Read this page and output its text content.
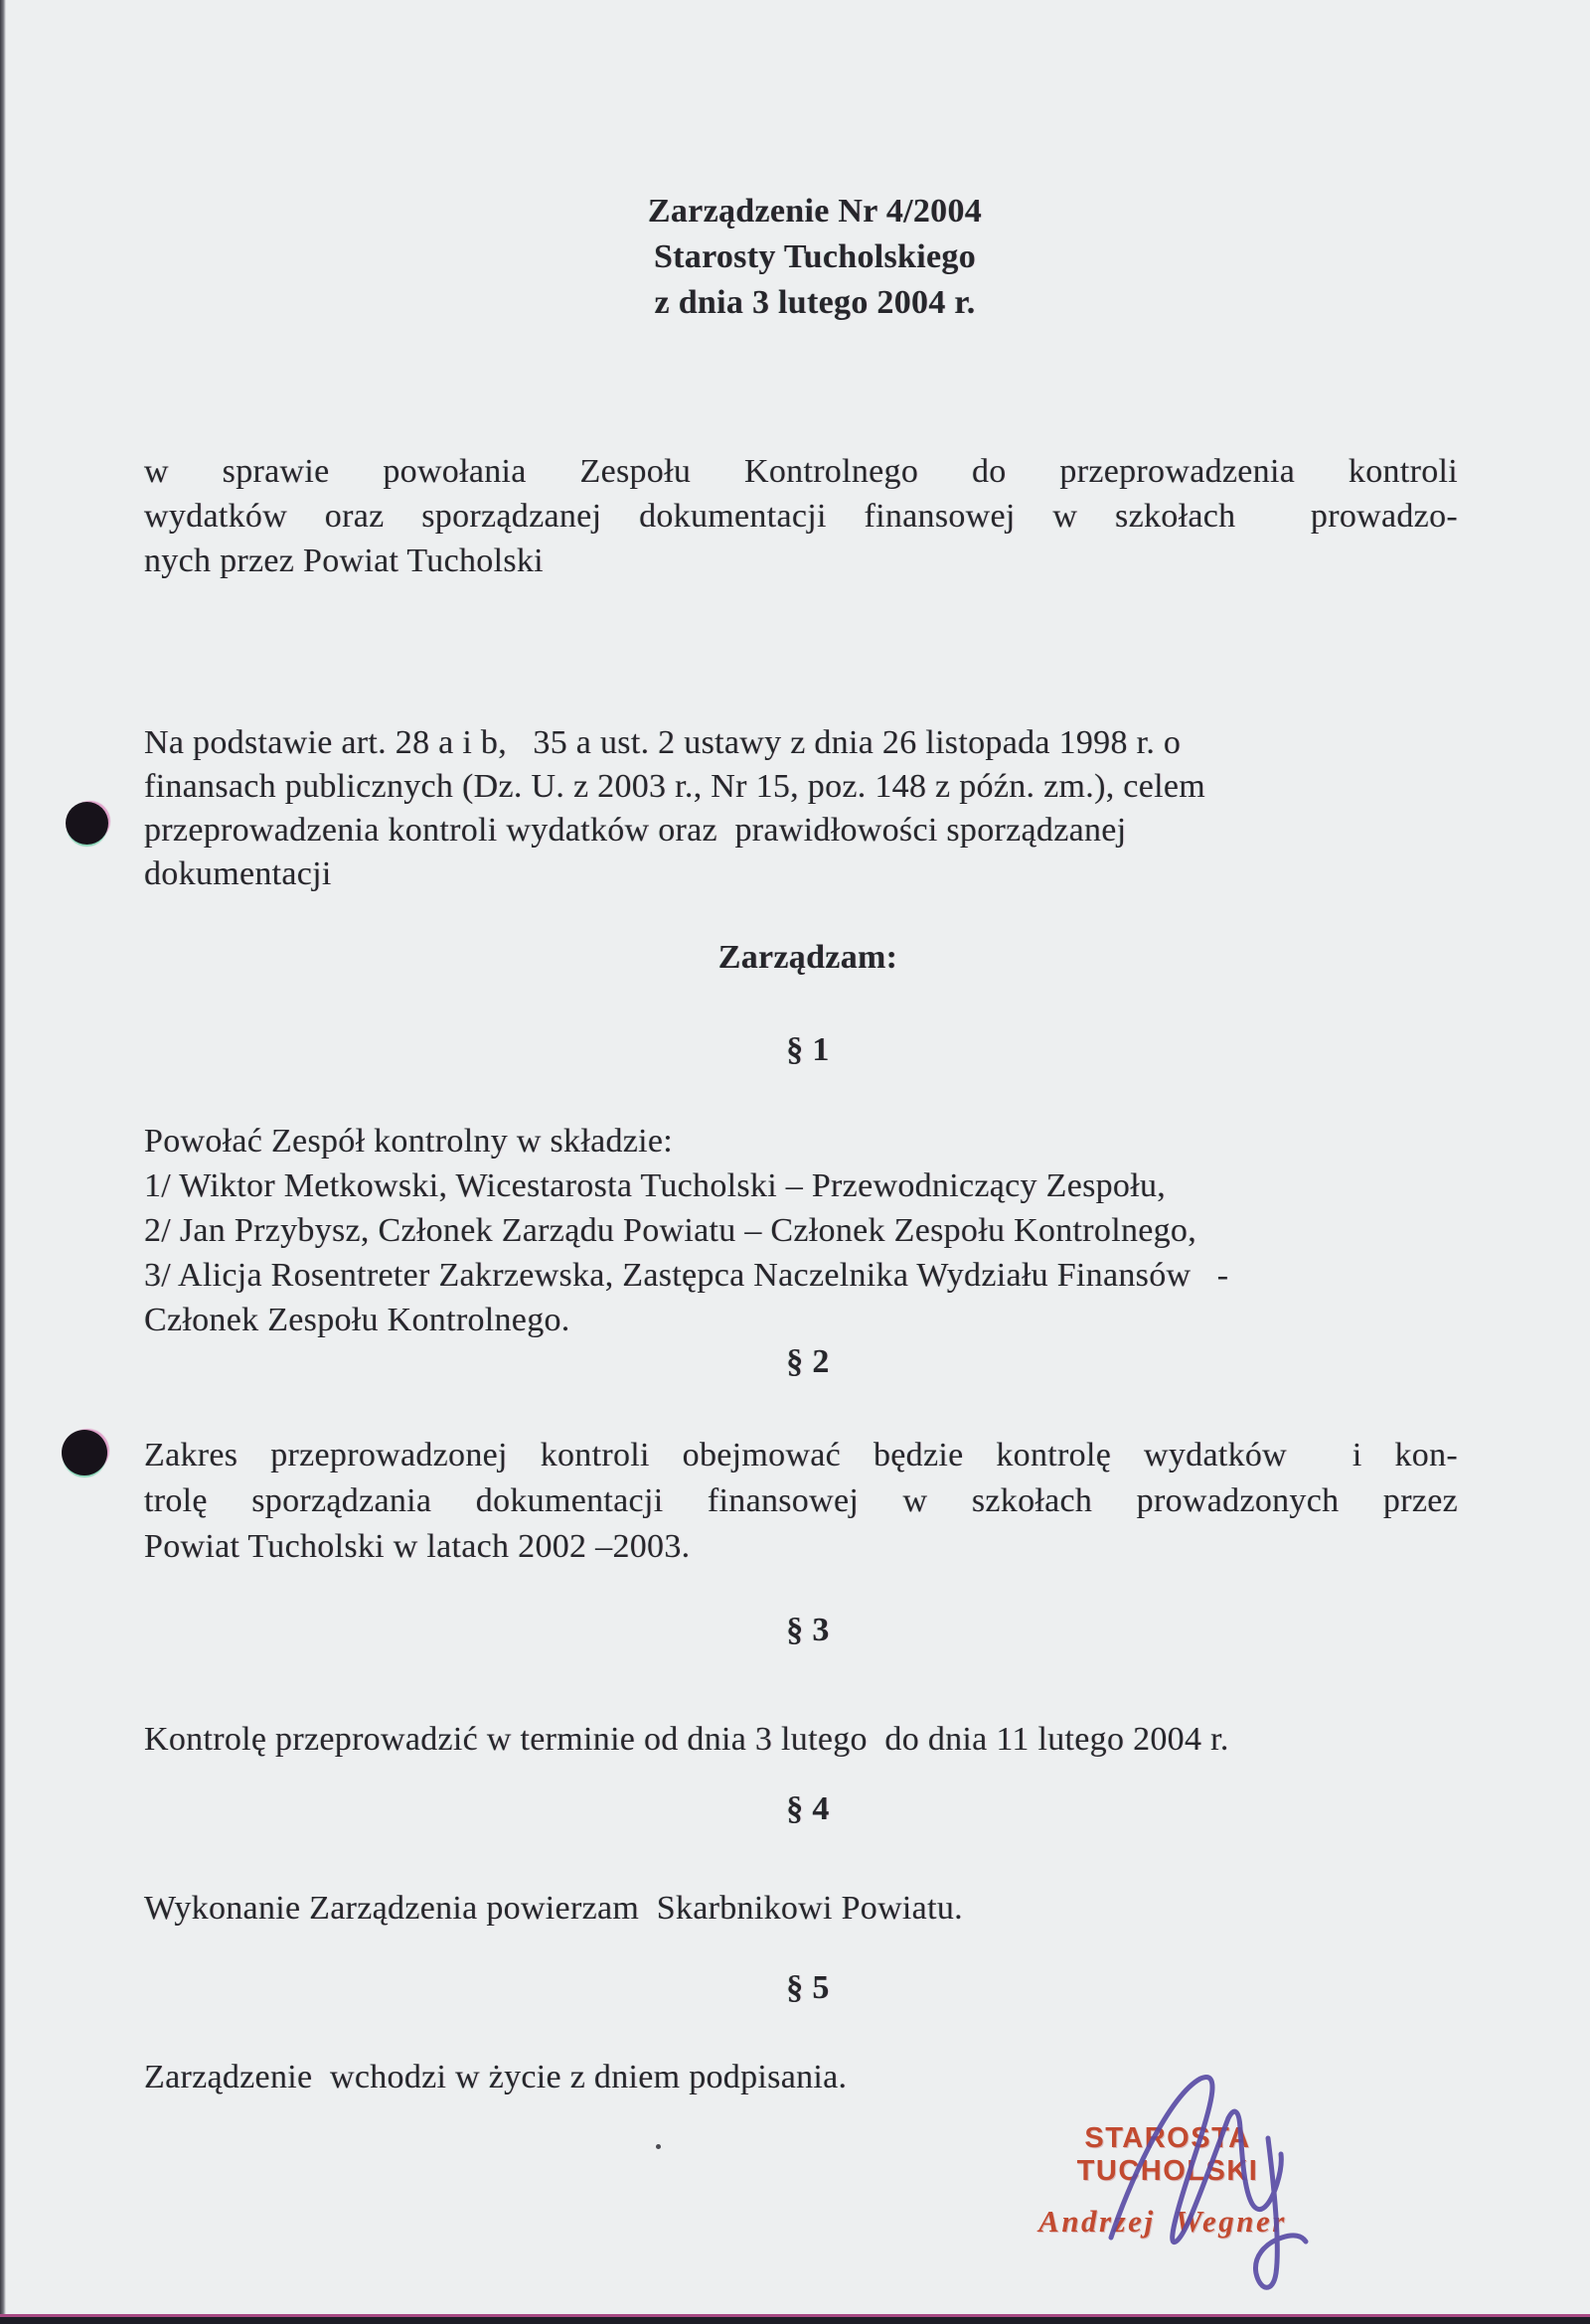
Zarządzenie Nr 4/2004
Starosty Tucholskiego
z dnia 3 lutego 2004 r.
w sprawie powołania Zespołu Kontrolnego do przeprowadzenia kontroli
wydatków oraz sporządzanej dokumentacji finansowej w szkołach  prowadzo-
nych przez Powiat Tucholski
Na podstawie art. 28 a i b,   35 a ust. 2 ustawy z dnia 26 listopada 1998 r. o
finansach publicznych (Dz. U. z 2003 r., Nr 15, poz. 148 z późn. zm.), celem
przeprowadzenia kontroli wydatków oraz  prawidłowości sporządzanej
dokumentacji
Zarządzam:
§ 1
Powołać Zespół kontrolny w składzie:
1/ Wiktor Metkowski, Wicestarosta Tucholski – Przewodniczący Zespołu,
2/ Jan Przybysz, Członek Zarządu Powiatu – Członek Zespołu Kontrolnego,
3/ Alicja Rosentreter Zakrzewska, Zastępca Naczelnika Wydziału Finansów   -
Członek Zespołu Kontrolnego.
§ 2
Zakres przeprowadzonej kontroli obejmować będzie kontrolę wydatków  i kon-
trolę sporządzania dokumentacji finansowej w szkołach prowadzonych przez
Powiat Tucholski w latach 2002 –2003.
§ 3
Kontrolę przeprowadzić w terminie od dnia 3 lutego  do dnia 11 lutego 2004 r.
§ 4
Wykonanie Zarządzenia powierzam  Skarbnikowi Powiatu.
§ 5
Zarządzenie  wchodzi w życie z dniem podpisania.
STAROSTA TUCHOLSKI
Andrzej Wegner
